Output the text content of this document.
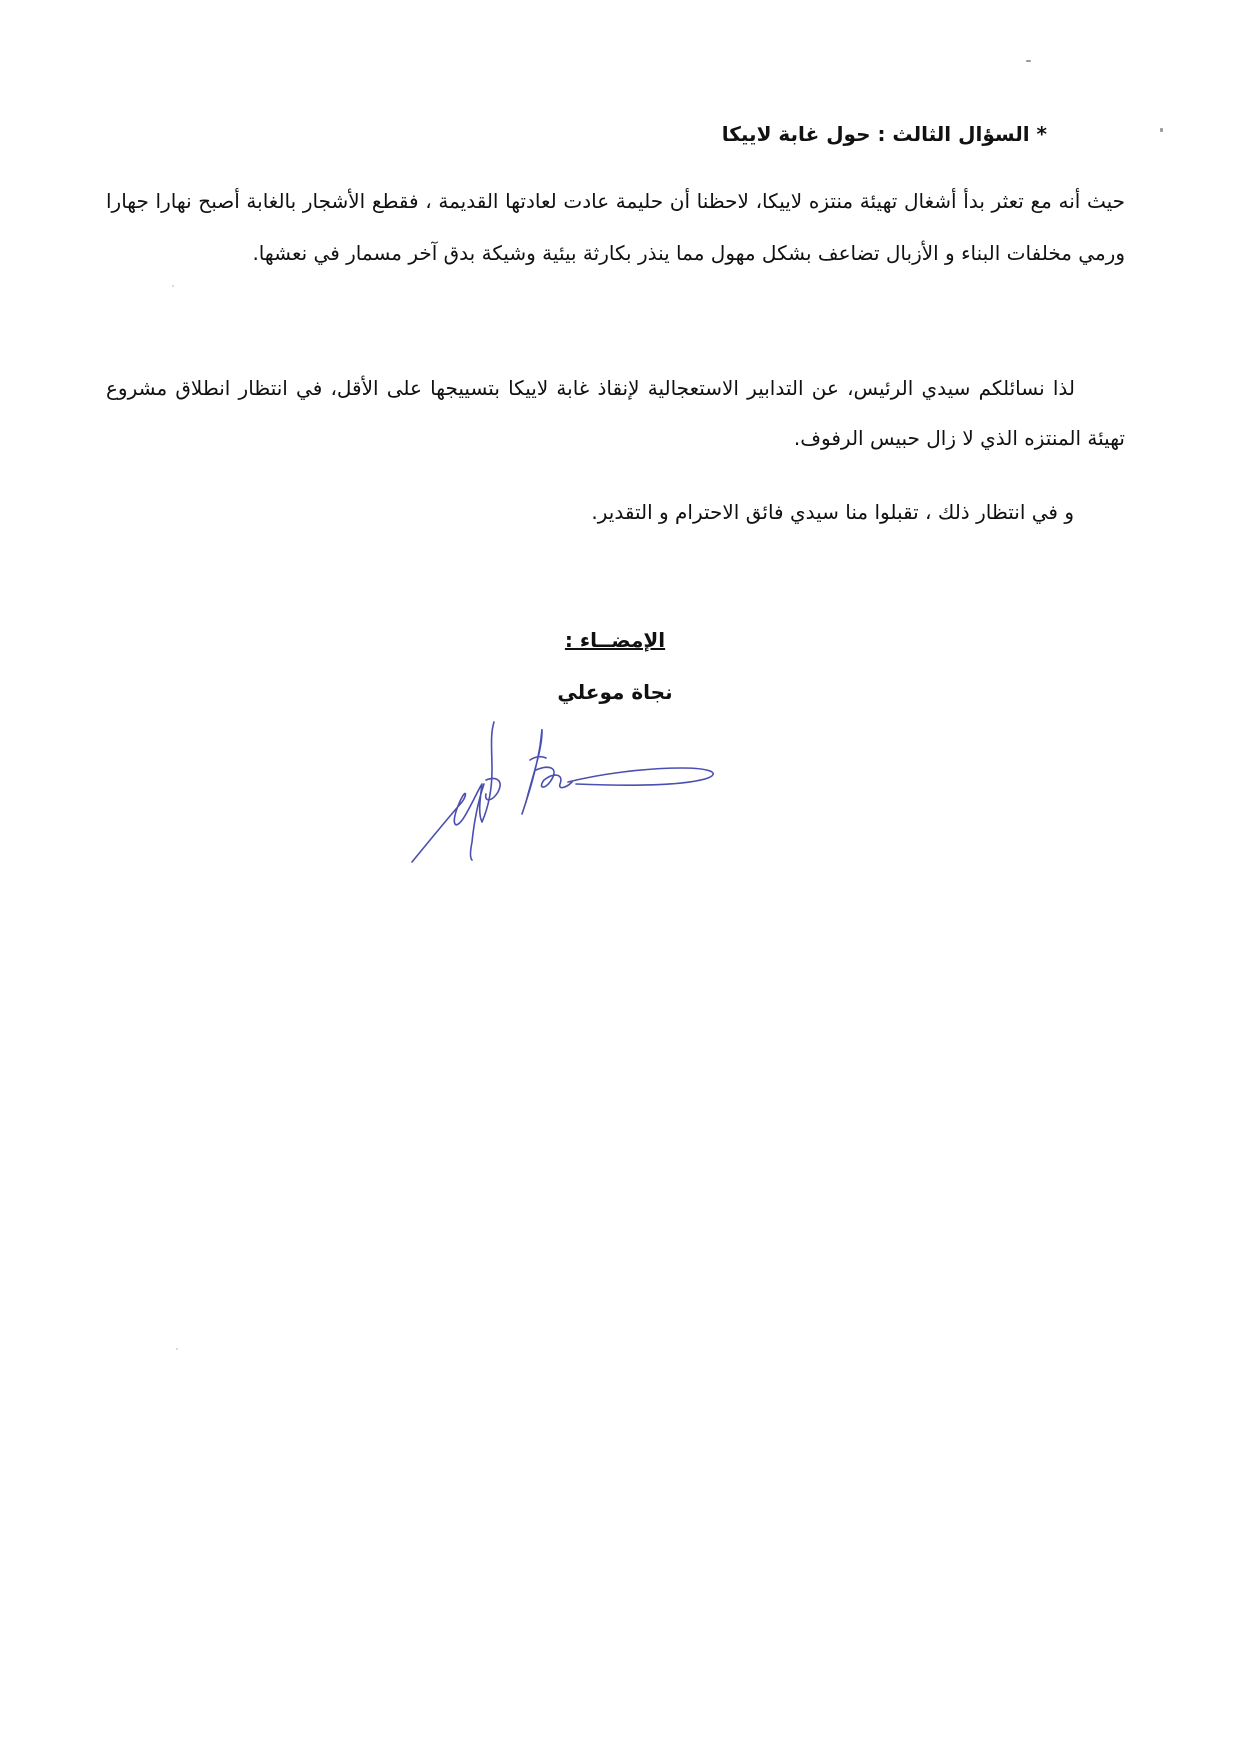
* السؤال الثالث : حول غابة لاييكا
حيث أنه مع تعثر بدأ أشغال تهيئة منتزه لاييكا، لاحظنا أن حليمة عادت لعادتها القديمة ، فقطع الأشجار بالغابة أصبح نهارا جهارا ورمي مخلفات البناء و الأزبال تضاعف بشكل مهول مما ينذر بكارثة بيئية وشيكة بدق آخر مسمار في نعشها.
لذا نسائلكم سيدي الرئيس، عن التدابير الاستعجالية لإنقاذ غابة لاييكا بتسييجها على الأقل، في انتظار انطلاق مشروع تهيئة المنتزه الذي لا زال حبيس الرفوف.
و في انتظار ذلك ، تقبلوا منا سيدي فائق الاحترام و التقدير.
الإمضــاء :
نجاة موعلي
